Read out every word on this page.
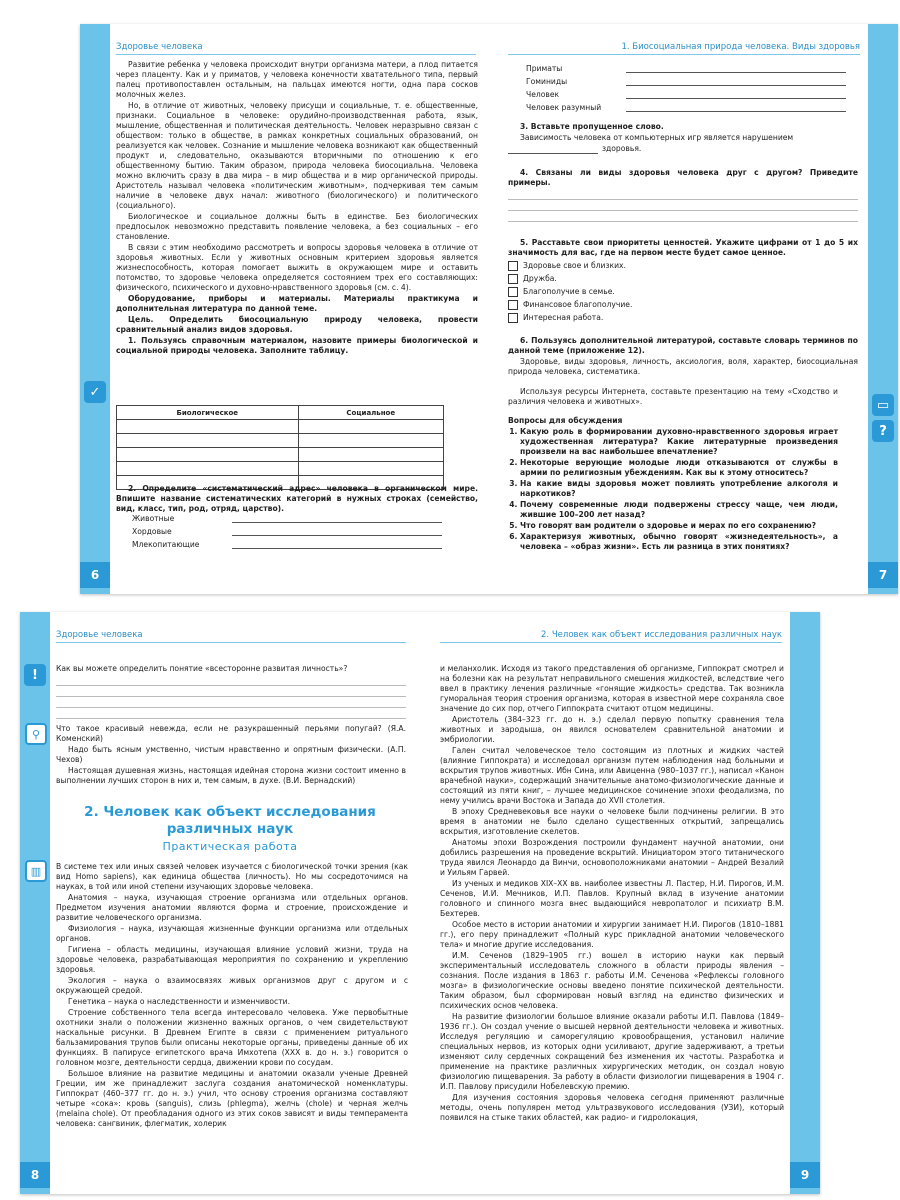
Здоровье человека

Развитие ребенка у человека происходит внутри организма матери, а плод питается через плаценту. Как и у приматов, у человека конечности хватательного типа, первый палец противопоставлен остальным, на пальцах имеются ногти, одна пара сосков молочных желез.

Но, в отличие от животных, человеку присущи и социальные, т. е. общественные, признаки. Социальное в человеке: орудийно-производственная работа, язык, мышление, общественная и политическая деятельность. Человек неразрывно связан с обществом: только в обществе, в рамках конкретных социальных образований, он реализуется как человек. Сознание и мышление человека возникают как общественный продукт и, следовательно, оказываются вторичными по отношению к его общественному бытию. Таким образом, природа человека биосоциальна. Человека можно включить сразу в два мира – в мир общества и в мир органической природы. Аристотель называл человека «политическим животным», подчеркивая тем самым наличие в человеке двух начал: животного (биологического) и политического (социального).

Биологическое и социальное должны быть в единстве. Без биологических предпосылок невозможно представить появление человека, а без социальных – его становление.

В связи с этим необходимо рассмотреть и вопросы здоровья человека в отличие от здоровья животных. Если у животных основным критерием здоровья является жизнеспособность, которая помогает выжить в окружающем мире и оставить потомство, то здоровье человека определяется состоянием трех его составляющих: физического, психического и духовно-нравственного здоровья (см. с. 4).

Оборудование, приборы и материалы. Материалы практикума и дополнительная литература по данной теме.

Цель. Определить биосоциальную природу человека, провести сравнительный анализ видов здоровья.

1. Пользуясь справочным материалом, назовите примеры биологической и социальной природы человека. Заполните таблицу.

✓
Биологическое	Социальное

2. Определите «систематический адрес» человека в органическом мире. Впишите название систематических категорий в нужных строках (семейство, вид, класс, тип, род, отряд, царство).

Животные
Хордовые
Млекопитающие
6
1. Биосоциальная природа человека. Виды здоровья
Приматы
Гоминиды
Человек
Человек разумный

3. Вставьте пропущенное слово.

Зависимость человека от компьютерных игр является нарушением

здоровья.

4. Связаны ли виды здоровья человека друг с другом? Приведите примеры.

5. Расставьте свои приоритеты ценностей. Укажите цифрами от 1 до 5 их значимость для вас, где на первом месте будет самое ценное.

Здоровье свое и близких.
Дружба.
Благополучие в семье.
Финансовое благополучие.
Интересная работа.

6. Пользуясь дополнительной литературой, составьте словарь терминов по данной теме (приложение 12).

Здоровье, виды здоровья, личность, аксиология, воля, характер, биосоциальная природа человека, систематика.

Используя ресурсы Интернета, составьте презентацию на тему «Сходство и различия человека и животных».

Вопросы для обсуждения

1. Какую роль в формировании духовно-нравственного здоровья играет художественная литература? Какие литературные произведения произвели на вас наибольшее впечатление?
2. Некоторые верующие молодые люди отказываются от службы в армии по религиозным убеждениям. Как вы к этому относитесь?
3. На какие виды здоровья может повлиять употребление алкоголя и наркотиков?
4. Почему современные люди подвержены стрессу чаще, чем люди, жившие 100–200 лет назад?
5. Что говорят вам родители о здоровье и мерах по его сохранению?
6. Характеризуя животных, обычно говорят «жизнедеятельность», а человека – «образ жизни». Есть ли разница в этих понятиях?
▭
?
7
Здоровье человека
! Как вы можете определить понятие «всесторонне развитая личность»?

⚲ Что такое красивый невежда, если не разукрашенный перьями попугай? (Я.А. Коменский)

Надо быть ясным умственно, чистым нравственно и опрятным физически. (А.П. Чехов)

Настоящая душевная жизнь, настоящая идейная сторона жизни состоит именно в выполнении лучших сторон в них и, тем самым, в духе. (В.И. Вернадский)

2. Человек как объект исследования различных наук
Практическая работа
▥ В системе тех или иных связей человек изучается с биологической точки зрения (как вид Homo sapiens), как единица общества (личность). Но мы сосредоточимся на науках, в той или иной степени изучающих здоровье человека.

Анатомия – наука, изучающая строение организма или отдельных органов. Предметом изучения анатомии являются форма и строение, происхождение и развитие человеческого организма.

Физиология – наука, изучающая жизненные функции организма или отдельных органов.

Гигиена – область медицины, изучающая влияние условий жизни, труда на здоровье человека, разрабатывающая мероприятия по сохранению и укреплению здоровья.

Экология – наука о взаимосвязях живых организмов друг с другом и с окружающей средой.

Генетика – наука о наследственности и изменчивости.

Строение собственного тела всегда интересовало человека. Уже первобытные охотники знали о положении жизненно важных органов, о чем свидетельствуют наскальные рисунки. В Древнем Египте в связи с применением ритуального бальзамирования трупов были описаны некоторые органы, приведены данные об их функциях. В папирусе египетского врача Имхотепа (XXX в. до н. э.) говорится о головном мозге, деятельности сердца, движении крови по сосудам.

Большое влияние на развитие медицины и анатомии оказали ученые Древней Греции, им же принадлежит заслуга создания анатомической номенклатуры. Гиппократ (460–377 гг. до н. э.) учил, что основу строения организма составляют четыре «сока»: кровь (sanguis), слизь (phlegma), желчь (chole) и черная желчь (melaina chole). От преобладания одного из этих соков зависят и виды темперамента человека: сангвиник, флегматик, холерик

8
2. Человек как объект исследования различных наук

и меланхолик. Исходя из такого представления об организме, Гиппократ смотрел и на болезни как на результат неправильного смешения жидкостей, вследствие чего ввел в практику лечения различные «гонящие жидкость» средства. Так возникла гуморальная теория строения организма, которая в известной мере сохраняла свое значение до сих пор, отчего Гиппократа считают отцом медицины.

Аристотель (384–323 гг. до н. э.) сделал первую попытку сравнения тела животных и зародыша, он явился основателем сравнительной анатомии и эмбриологии.

Гален считал человеческое тело состоящим из плотных и жидких частей (влияние Гиппократа) и исследовал организм путем наблюдения над больными и вскрытия трупов животных. Ибн Сина, или Авиценна (980–1037 гг.), написал «Канон врачебной науки», содержащий значительные анатомо-физиологические данные и состоящий из пяти книг, – лучшее медицинское сочинение эпохи феодализма, по нему учились врачи Востока и Запада до XVII столетия.

В эпоху Средневековья все науки о человеке были подчинены религии. В это время в анатомии не было сделано существенных открытий, запрещались вскрытия, изготовление скелетов.

Анатомы эпохи Возрождения построили фундамент научной анатомии, они добились разрешения на проведение вскрытий. Инициатором этого титанического труда явился Леонардо да Винчи, основоположниками анатомии – Андрей Везалий и Уильям Гарвей.

Из ученых и медиков XIX–XX вв. наиболее известны Л. Пастер, Н.И. Пирогов, И.М. Сеченов, И.И. Мечников, И.П. Павлов. Крупный вклад в изучение анатомии головного и спинного мозга внес выдающийся невропатолог и психиатр В.М. Бехтерев.

Особое место в истории анатомии и хирургии занимает Н.И. Пирогов (1810–1881 гг.), его перу принадлежит «Полный курс прикладной анатомии человеческого тела» и многие другие исследования.

И.М. Сеченов (1829–1905 гг.) вошел в историю науки как первый экспериментальный исследователь сложного в области природы явления – сознания. После издания в 1863 г. работы И.М. Сеченова «Рефлексы головного мозга» в физиологические основы введено понятие психической деятельности. Таким образом, был сформирован новый взгляд на единство физических и психических основ человека.

На развитие физиологии большое влияние оказали работы И.П. Павлова (1849–1936 гг.). Он создал учение о высшей нервной деятельности человека и животных. Исследуя регуляцию и саморегуляцию кровообращения, установил наличие специальных нервов, из которых одни усиливают, другие задерживают, а третьи изменяют силу сердечных сокращений без изменения их частоты. Разработка и применение на практике различных хирургических методик, он создал новую физиологию пищеварения. За работу в области физиологии пищеварения в 1904 г. И.П. Павлову присудили Нобелевскую премию.

Для изучения состояния здоровья человека сегодня применяют различные методы, очень популярен метод ультразвукового исследования (УЗИ), который появился на стыке таких областей, как радио- и гидролокация,

9
